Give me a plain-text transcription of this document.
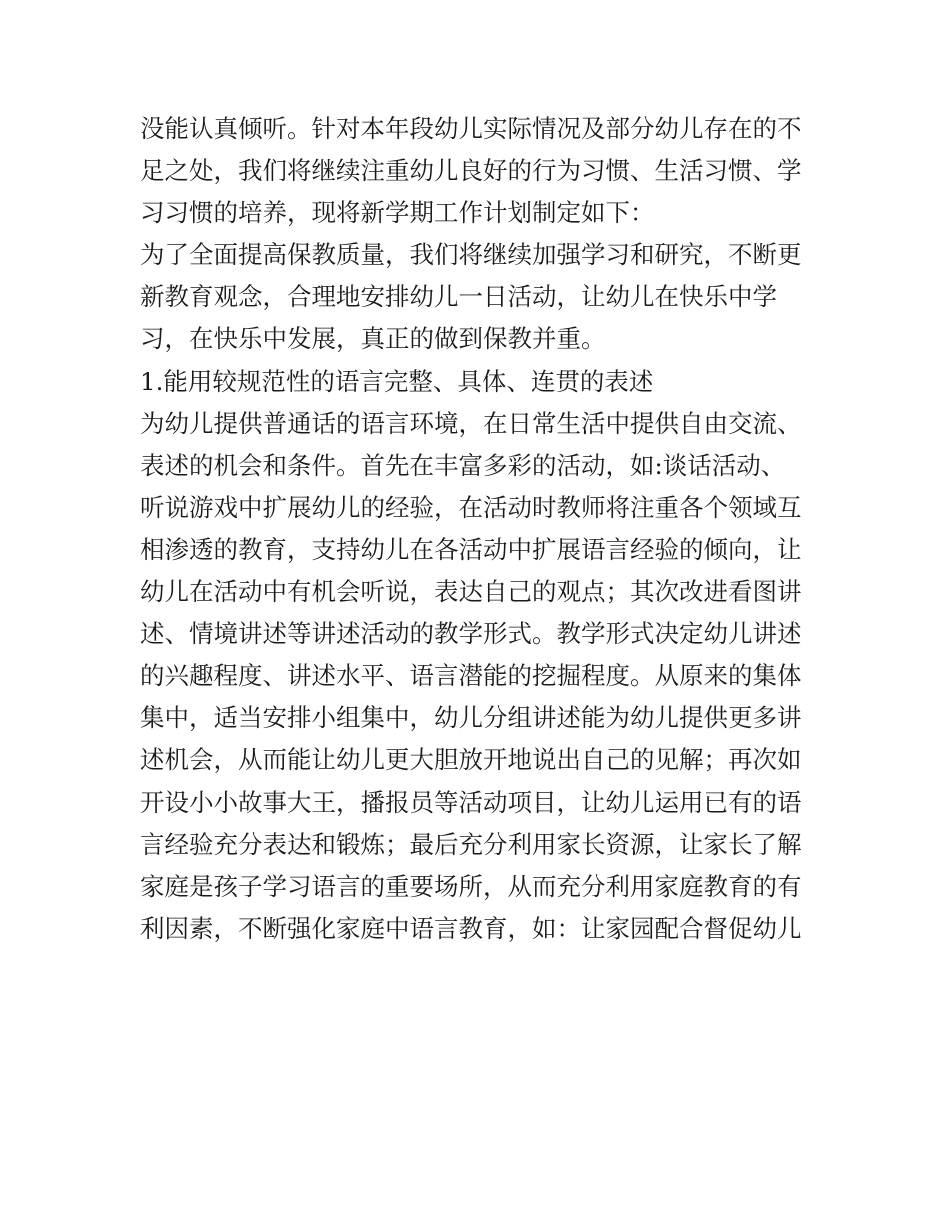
没能认真倾听。针对本年段幼儿实际情况及部分幼儿存在的不
足之处，我们将继续注重幼儿良好的行为习惯、生活习惯、学
习习惯的培养，现将新学期工作计划制定如下：
为了全面提高保教质量，我们将继续加强学习和研究，不断更
新教育观念，合理地安排幼儿一日活动，让幼儿在快乐中学
习，在快乐中发展，真正的做到保教并重。
1.能用较规范性的语言完整、具体、连贯的表述
为幼儿提供普通话的语言环境，在日常生活中提供自由交流、
表述的机会和条件。首先在丰富多彩的活动，如:谈话活动、
听说游戏中扩展幼儿的经验，在活动时教师将注重各个领域互
相渗透的教育，支持幼儿在各活动中扩展语言经验的倾向，让
幼儿在活动中有机会听说，表达自己的观点；其次改进看图讲
述、情境讲述等讲述活动的教学形式。教学形式决定幼儿讲述
的兴趣程度、讲述水平、语言潜能的挖掘程度。从原来的集体
集中，适当安排小组集中，幼儿分组讲述能为幼儿提供更多讲
述机会，从而能让幼儿更大胆放开地说出自己的见解；再次如
开设小小故事大王，播报员等活动项目，让幼儿运用已有的语
言经验充分表达和锻炼；最后充分利用家长资源，让家长了解
家庭是孩子学习语言的重要场所，从而充分利用家庭教育的有
利因素，不断强化家庭中语言教育，如：让家园配合督促幼儿
